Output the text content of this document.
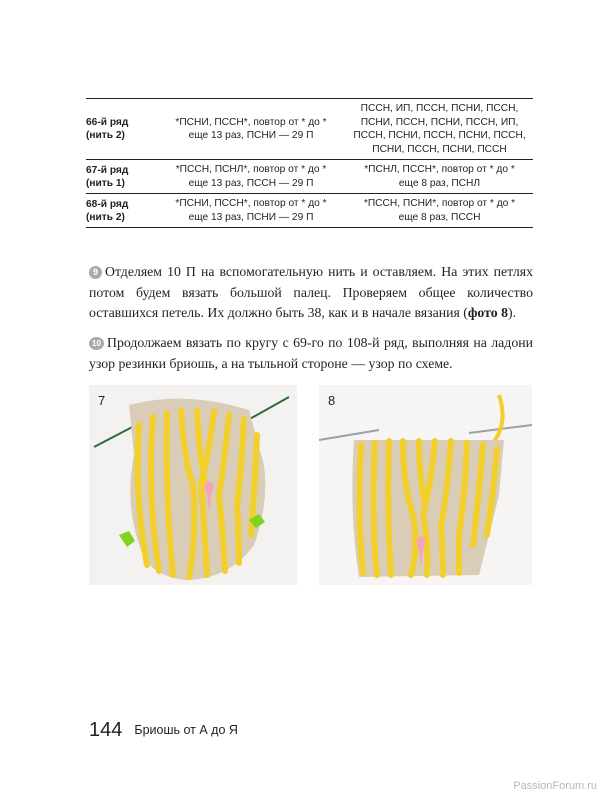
66-й ряд
(нить 2)
*ПСНИ, ПССН*, повтор от * до *
еще 13 раз, ПСНИ — 29 П
ПССН, ИП, ПССН, ПСНИ, ПССН,
ПСНИ, ПССН, ПСНИ, ПССН, ИП,
ПССН, ПСНИ, ПССН, ПСНИ, ПССН,
ПСНИ, ПССН, ПСНИ, ПССН
67-й ряд
(нить 1)
*ПССН, ПСНЛ*, повтор от * до *
еще 13 раз, ПССН — 29 П
*ПСНЛ, ПССН*, повтор от * до *
еще 8 раз, ПСНЛ
68-й ряд
(нить 2)
*ПСНИ, ПССН*, повтор от * до *
еще 13 раз, ПСНИ — 29 П
*ПССН, ПСНИ*, повтор от * до *
еще 8 раз, ПССН

9 Отделяем 10 П на вспомогательную нить и оставляем. На этих петлях потом будем вязать большой палец. Проверяем общее количество оставшихся петель. Их должно быть 38, как и в начале вязания (фото 8).

10 Продолжаем вязать по кругу с 69-го по 108-й ряд, выполняя на ладони узор резинки бриошь, а на тыльной стороне — узор по схеме.

7	8
144 Бриошь от А до Я
PassionForum.ru
